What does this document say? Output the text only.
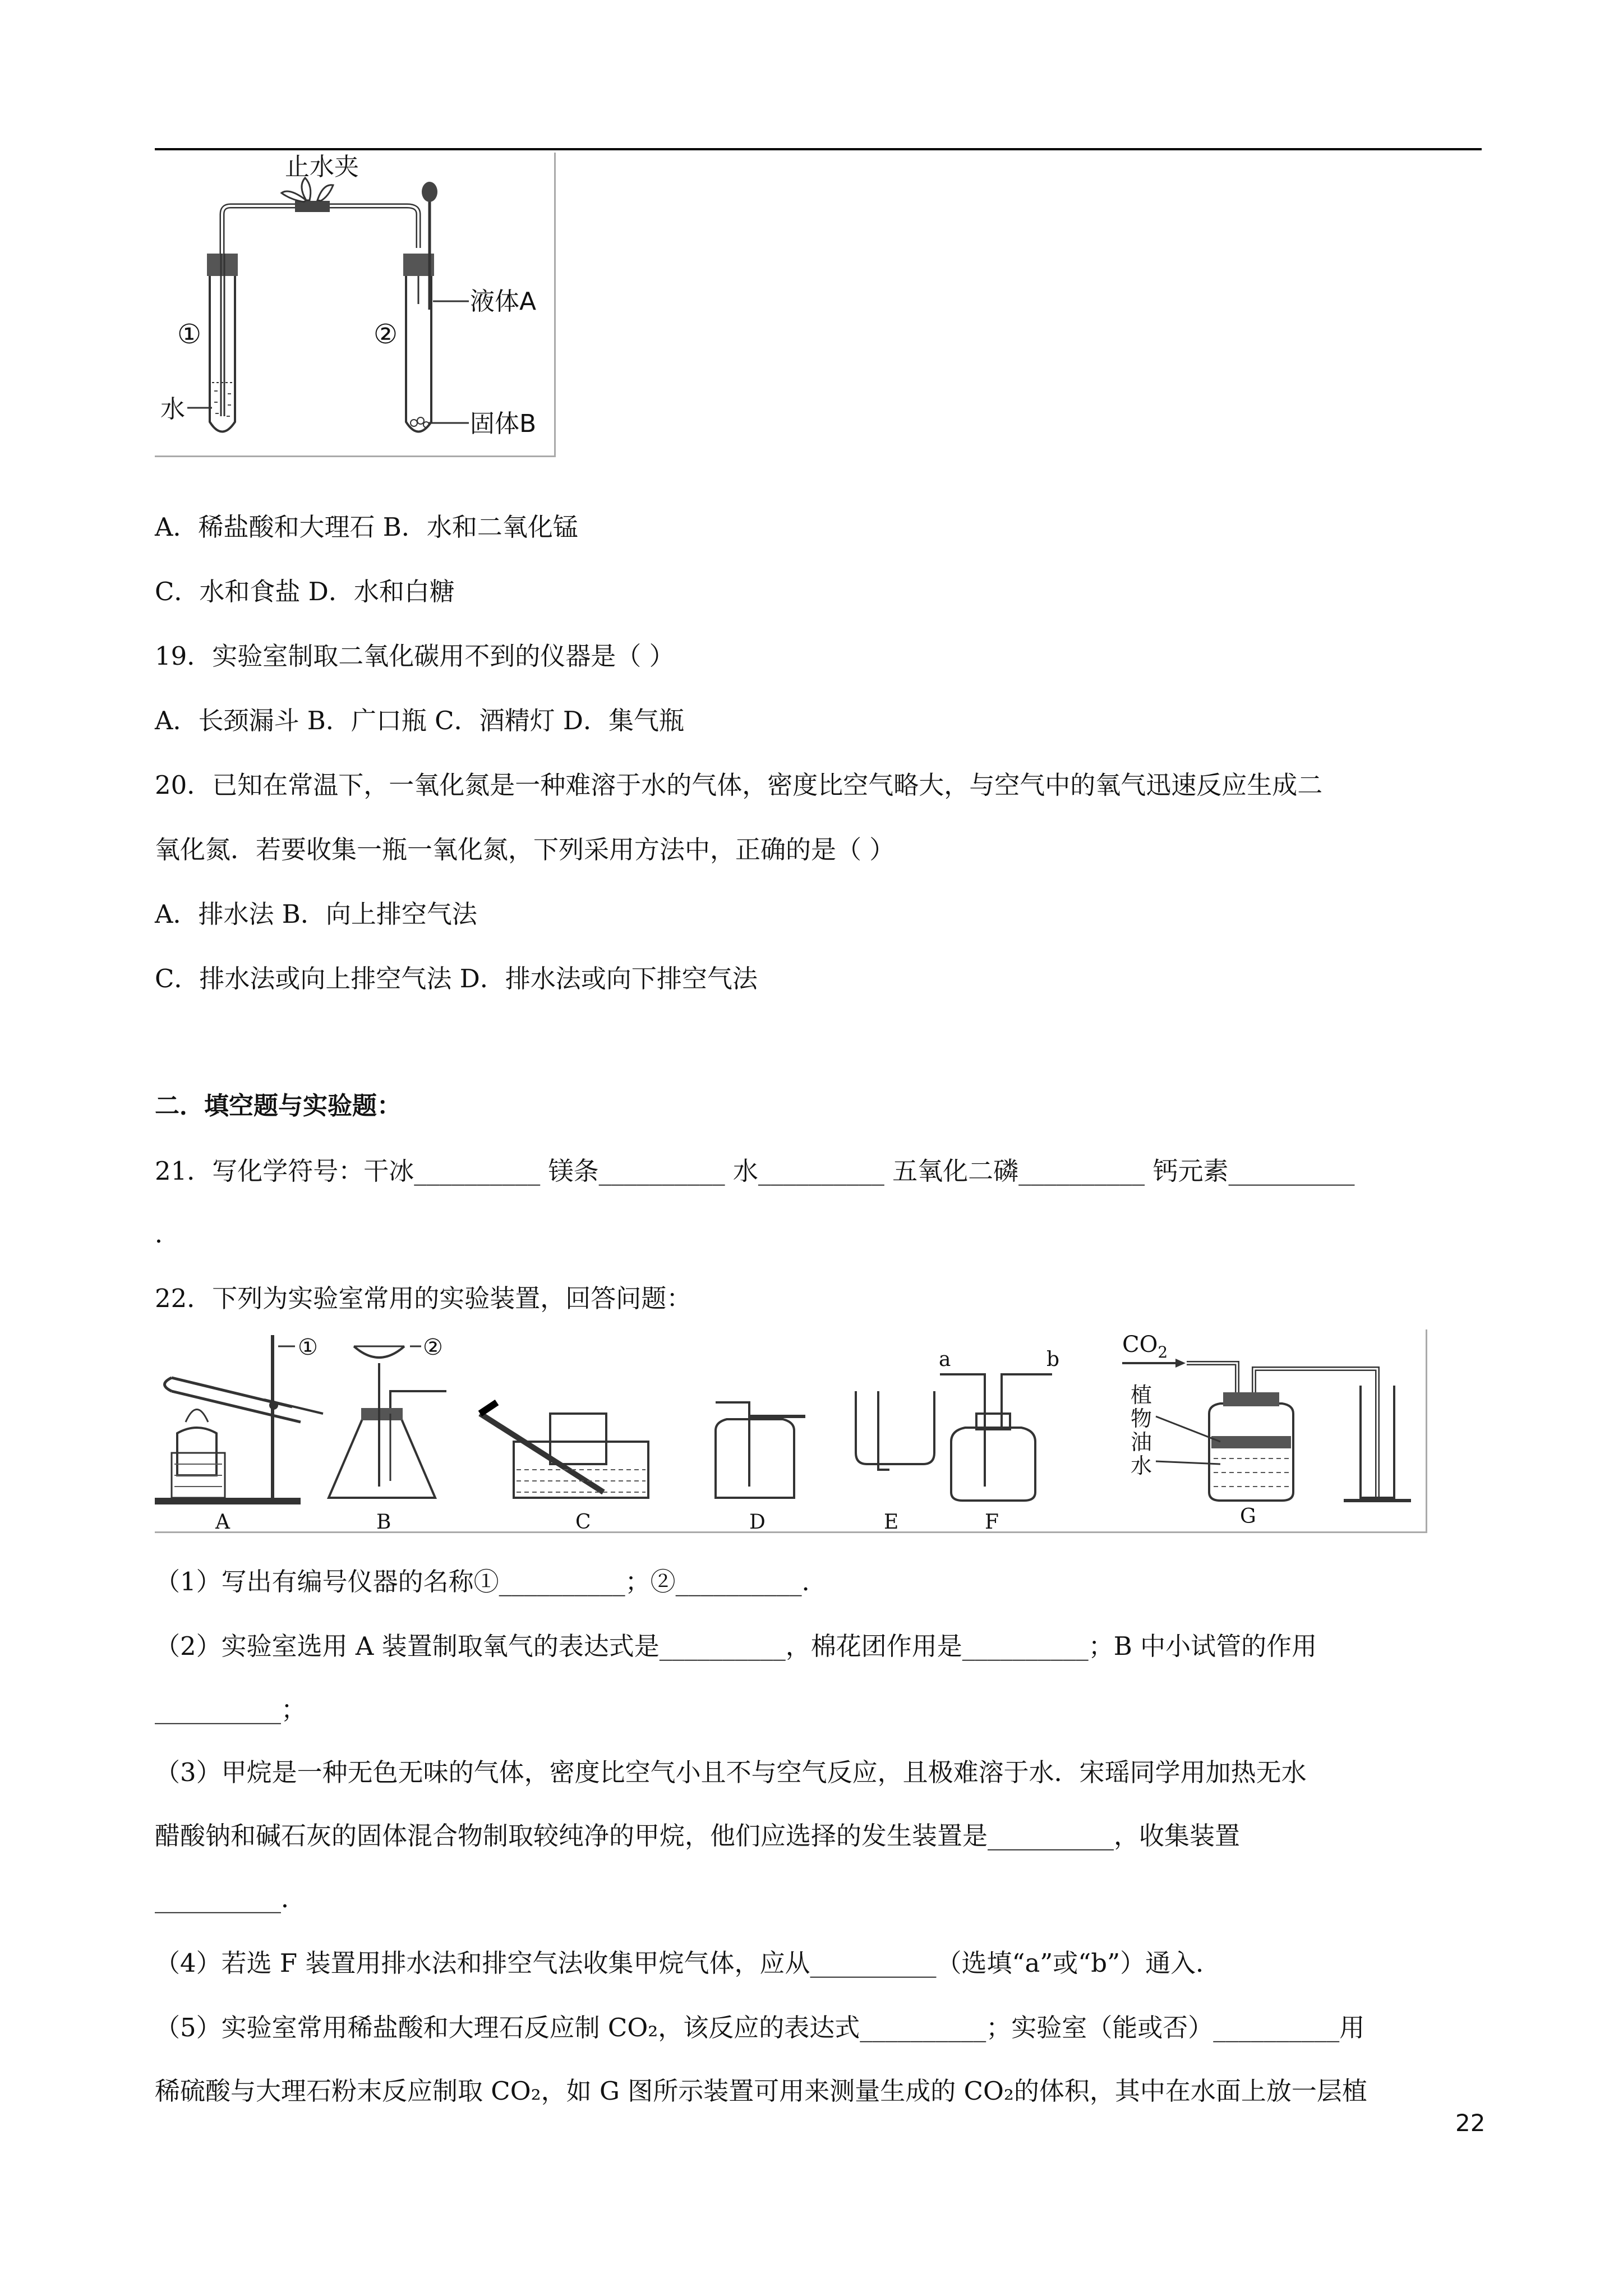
止水夹
①
水
②
液体A
固体B
A．稀盐酸和大理石 B．水和二氧化锰
C．水和食盐 D．水和白糖
19．实验室制取二氧化碳用不到的仪器是（ ）
A．长颈漏斗 B．广口瓶 C．酒精灯 D．集气瓶
20．已知在常温下，一氧化氮是一种难溶于水的气体，密度比空气略大，与空气中的氧气迅速反应生成二
氧化氮．若要收集一瓶一氧化氮，下列采用方法中，正确的是（ ）
A．排水法 B．向上排空气法
C．排水法或向上排空气法 D．排水法或向下排空气法
二．填空题与实验题：
21．写化学符号：干冰__________ 镁条__________ 水__________ 五氧化二磷__________ 钙元素__________
．
22．下列为实验室常用的实验装置，回答问题：
①
A
②
B	C	D	E
a	b
F
$CO_2$
植
物
油
水
G
（1）写出有编号仪器的名称①__________；②__________．
（2）实验室选用 A 装置制取氧气的表达式是__________，棉花团作用是__________；B 中小试管的作用
__________；
（3）甲烷是一种无色无味的气体，密度比空气小且不与空气反应，且极难溶于水．宋瑶同学用加热无水
醋酸钠和碱石灰的固体混合物制取较纯净的甲烷，他们应选择的发生装置是__________，收集装置
__________．
（4）若选 F 装置用排水法和排空气法收集甲烷气体，应从__________（选填“a”或“b”）通入．
（5）实验室常用稀盐酸和大理石反应制 CO₂，该反应的表达式__________；实验室（能或否）__________用
稀硫酸与大理石粉末反应制取 CO₂，如 G 图所示装置可用来测量生成的 CO₂的体积，其中在水面上放一层植
22
